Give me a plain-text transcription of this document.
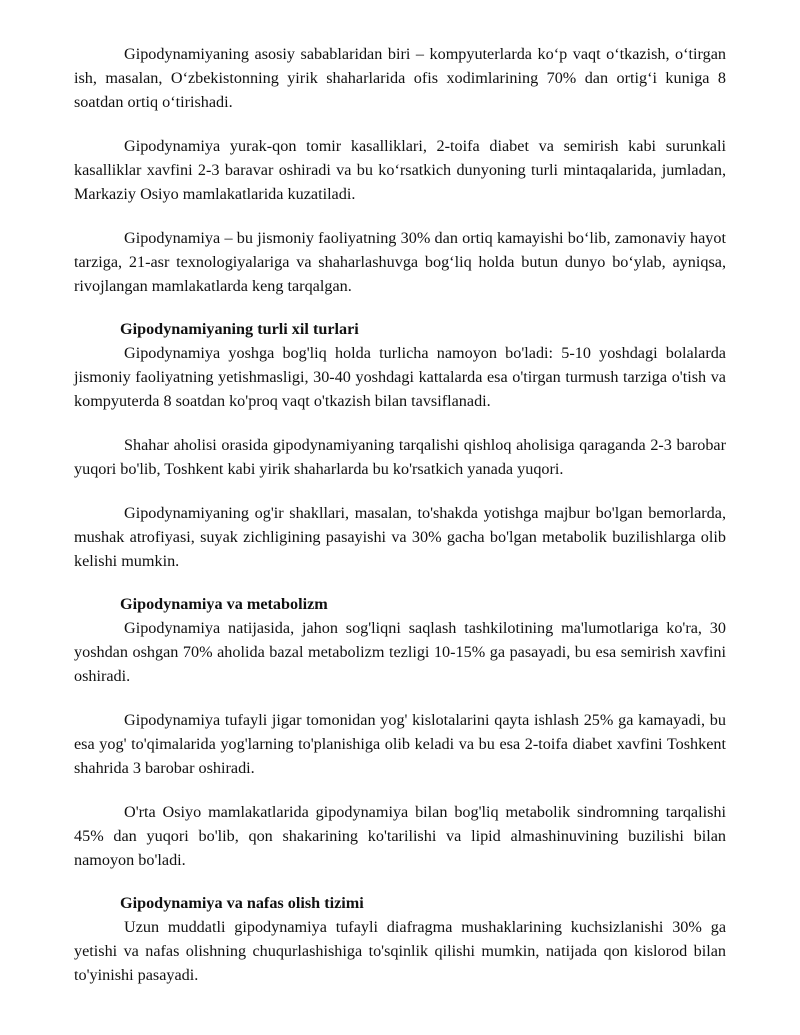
Gipodynamiyaning asosiy sabablaridan biri – kompyuterlarda ko‘p vaqt o‘tkazish, o‘tirgan ish, masalan, O‘zbekistonning yirik shaharlarida ofis xodimlarining 70% dan ortig‘i kuniga 8 soatdan ortiq o‘tirishadi.

Gipodynamiya yurak-qon tomir kasalliklari, 2-toifa diabet va semirish kabi surunkali kasalliklar xavfini 2-3 baravar oshiradi va bu ko‘rsatkich dunyoning turli mintaqalarida, jumladan, Markaziy Osiyo mamlakatlarida kuzatiladi.

Gipodynamiya – bu jismoniy faoliyatning 30% dan ortiq kamayishi bo‘lib, zamonaviy hayot tarziga, 21-asr texnologiyalariga va shaharlashuvga bog‘liq holda butun dunyo bo‘ylab, ayniqsa, rivojlangan mamlakatlarda keng tarqalgan.

Gipodynamiyaning turli xil turlari

Gipodynamiya yoshga bog'liq holda turlicha namoyon bo'ladi: 5-10 yoshdagi bolalarda jismoniy faoliyatning yetishmasligi, 30-40 yoshdagi kattalarda esa o'tirgan turmush tarziga o'tish va kompyuterda 8 soatdan ko'proq vaqt o'tkazish bilan tavsiflanadi.

Shahar aholisi orasida gipodynamiyaning tarqalishi qishloq aholisiga qaraganda 2-3 barobar yuqori bo'lib, Toshkent kabi yirik shaharlarda bu ko'rsatkich yanada yuqori.

Gipodynamiyaning og'ir shakllari, masalan, to'shakda yotishga majbur bo'lgan bemorlarda, mushak atrofiyasi, suyak zichligining pasayishi va 30% gacha bo'lgan metabolik buzilishlarga olib kelishi mumkin.

Gipodynamiya va metabolizm

Gipodynamiya natijasida, jahon sog'liqni saqlash tashkilotining ma'lumotlariga ko'ra, 30 yoshdan oshgan 70% aholida bazal metabolizm tezligi 10-15% ga pasayadi, bu esa semirish xavfini oshiradi.

Gipodynamiya tufayli jigar tomonidan yog' kislotalarini qayta ishlash 25% ga kamayadi, bu esa yog' to'qimalarida yog'larning to'planishiga olib keladi va bu esa 2-toifa diabet xavfini Toshkent shahrida 3 barobar oshiradi.

O'rta Osiyo mamlakatlarida gipodynamiya bilan bog'liq metabolik sindromning tarqalishi 45% dan yuqori bo'lib, qon shakarining ko'tarilishi va lipid almashinuvining buzilishi bilan namoyon bo'ladi.

Gipodynamiya va nafas olish tizimi

Uzun muddatli gipodynamiya tufayli diafragma mushaklarining kuchsizlanishi 30% ga yetishi va nafas olishning chuqurlashishiga to'sqinlik qilishi mumkin, natijada qon kislorod bilan to'yinishi pasayadi.
